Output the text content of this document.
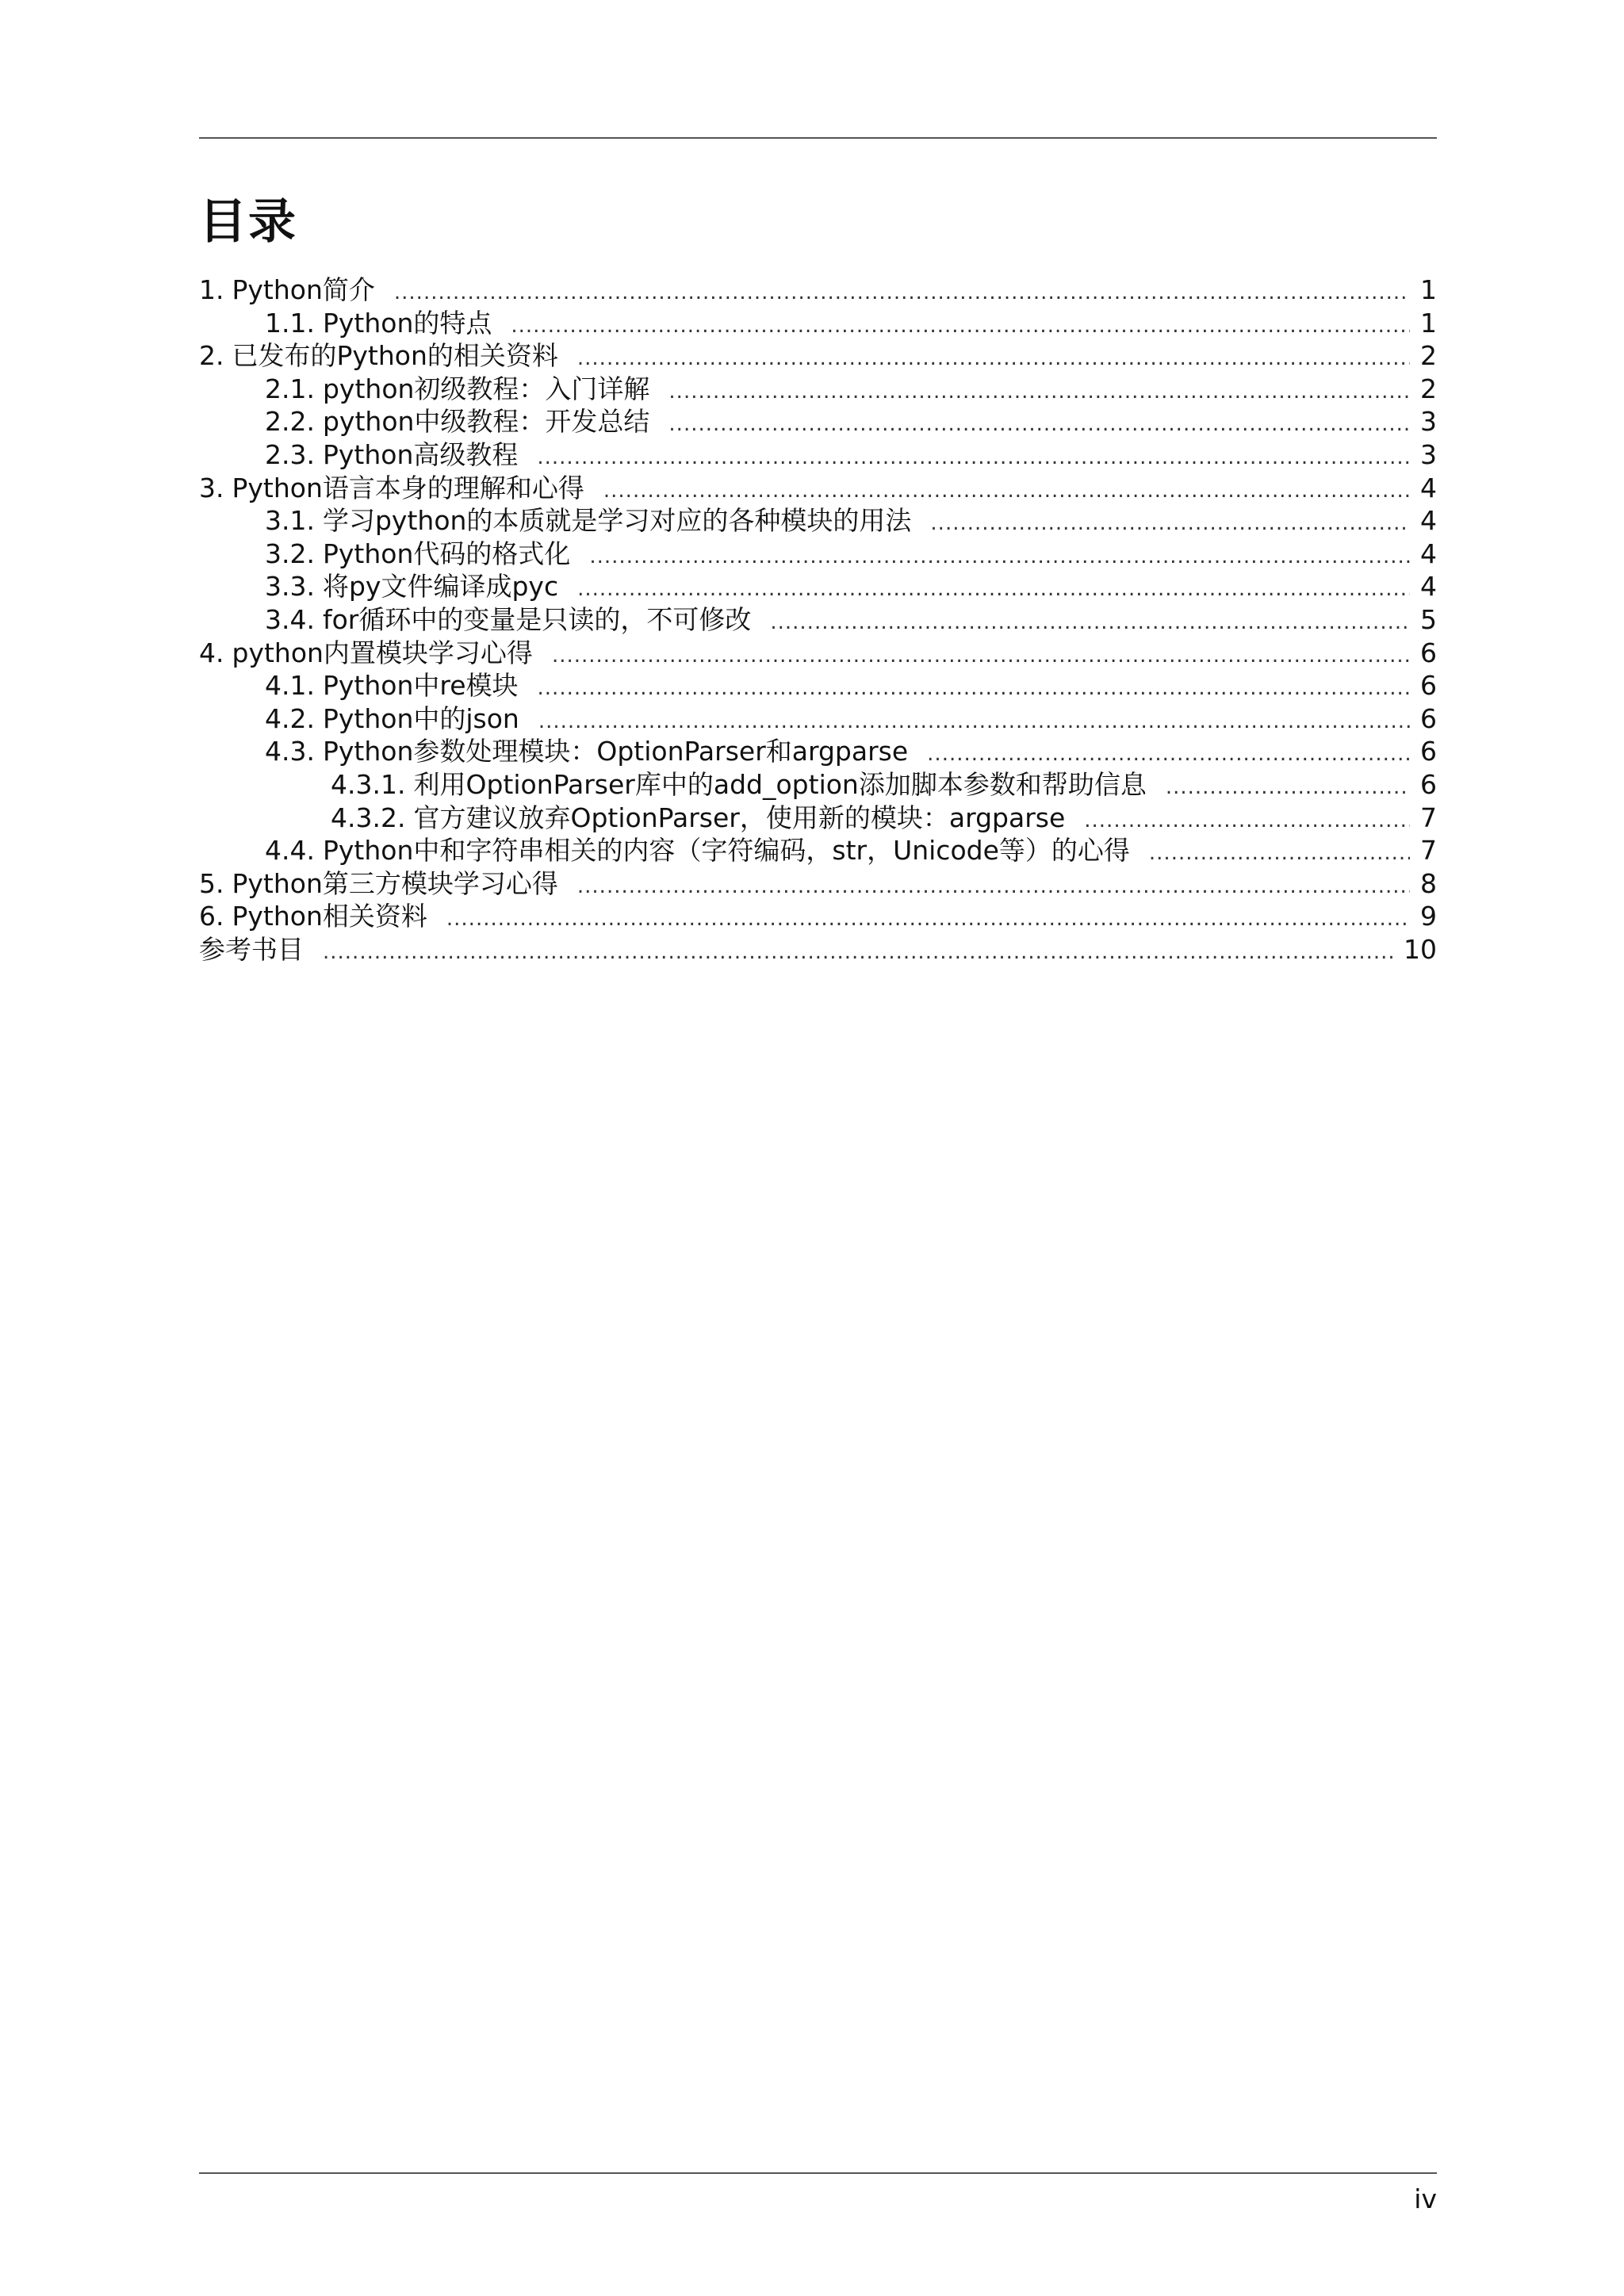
目录
1. Python简介 .....	1
1.1. Python的特点 .....	1
2. 已发布的Python的相关资料 .....	2
2.1. python初级教程：入门详解 .....	2
2.2. python中级教程：开发总结 .....	3
2.3. Python高级教程 .....	3
3. Python语言本身的理解和心得 .....	4
3.1. 学习python的本质就是学习对应的各种模块的用法 .....	4
3.2. Python代码的格式化 .....	4
3.3. 将py文件编译成pyc .....	4
3.4. for循环中的变量是只读的，不可修改 .....	5
4. python内置模块学习心得 .....	6
4.1. Python中re模块 .....	6
4.2. Python中的json .....	6
4.3. Python参数处理模块：OptionParser和argparse .....	6
4.3.1. 利用OptionParser库中的add_option添加脚本参数和帮助信息 .....	6
4.3.2. 官方建议放弃OptionParser，使用新的模块：argparse .....	7
4.4. Python中和字符串相关的内容（字符编码，str，Unicode等）的心得 .....	7
5. Python第三方模块学习心得 .....	8
6. Python相关资料 .....	9
参考书目 .....	10
iv
